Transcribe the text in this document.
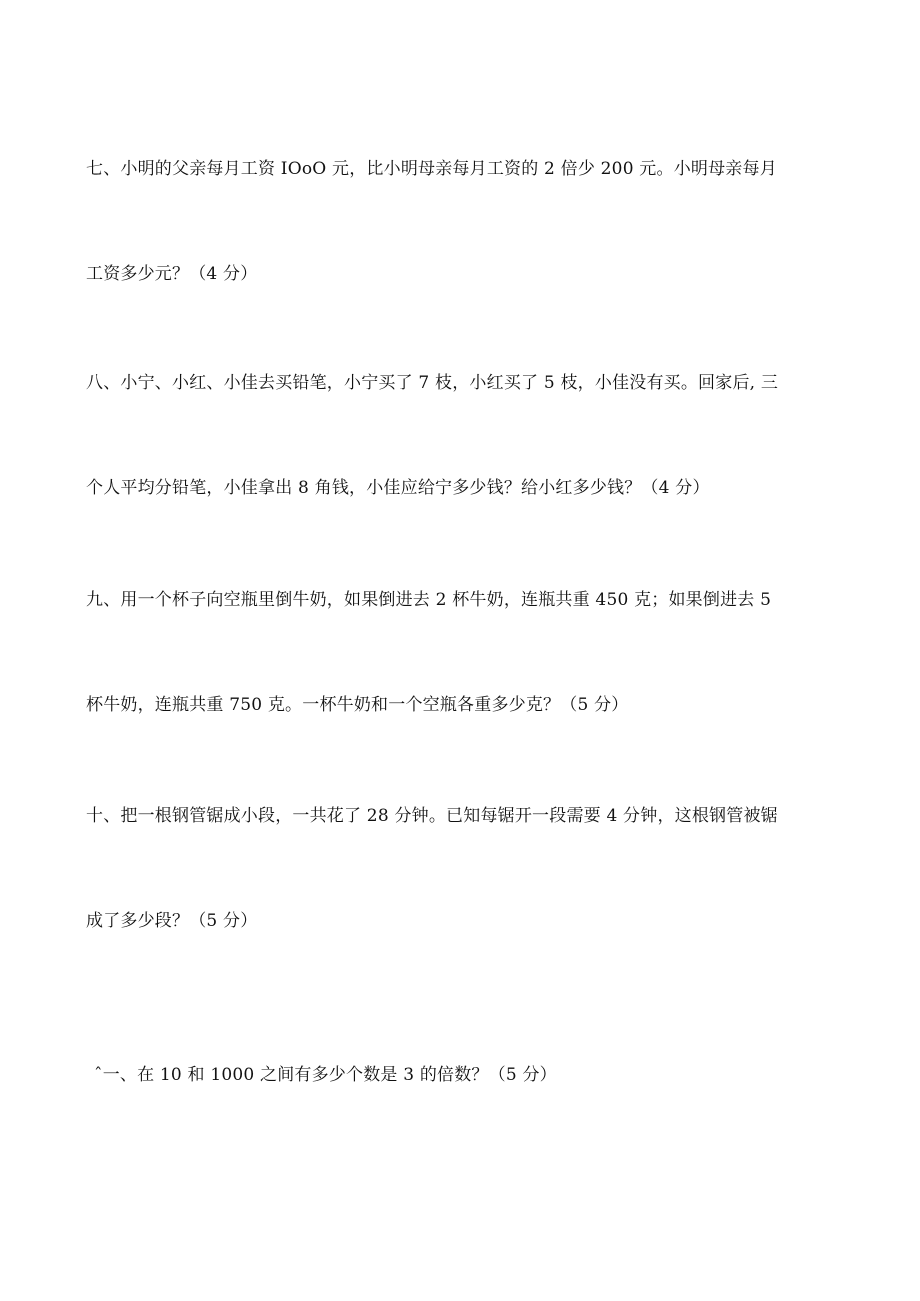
七、小明的父亲每月工资 IOoO 元，比小明母亲每月工资的 2 倍少 200 元。小明母亲每月

工资多少元？（4 分）

八、小宁、小红、小佳去买铅笔，小宁买了 7 枝，小红买了 5 枝，小佳没有买。回家后, 三

个人平均分铅笔，小佳拿出 8 角钱，小佳应给宁多少钱？给小红多少钱？（4 分）

九、用一个杯子向空瓶里倒牛奶，如果倒进去 2 杯牛奶，连瓶共重 450 克；如果倒进去 5

杯牛奶，连瓶共重 750 克。一杯牛奶和一个空瓶各重多少克？（5 分）

十、把一根钢管锯成小段，一共花了 28 分钟。已知每锯开一段需要 4 分钟，这根钢管被锯

成了多少段？（5 分）

ˆ一、在 10 和 1000 之间有多少个数是 3 的倍数？（5 分）
